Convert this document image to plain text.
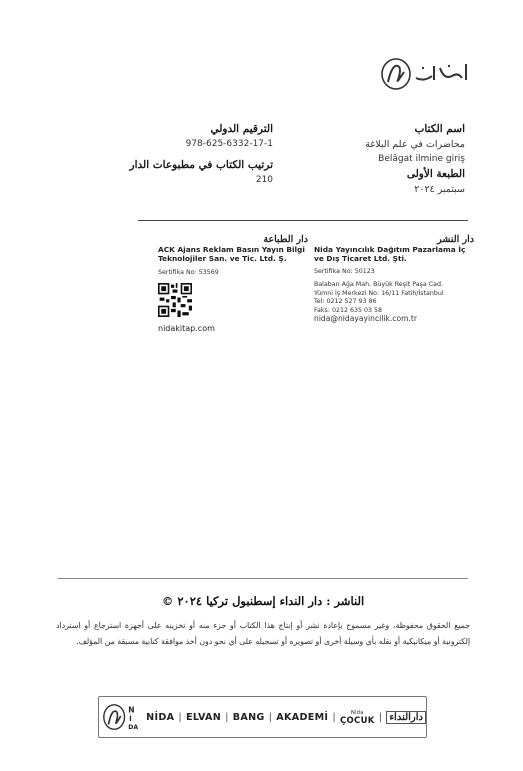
اسم الكتاب
محاضرات في علم البلاغة
Belâgat ilmine giriş
الطبعة الأولى
سبتمبر ٢٠٢٤
الترقيم الدولي
978-625-6332-17-1
ترتيب الكتاب في مطبوعات الدار
210
دار النشر
Nida Yayıncılık Dağıtım Pazarlama İç ve Dış Ticaret Ltd. Şti.
Sertifika No: 50123
Balaban Ağa Mah. Büyük Reşit Paşa Cad.
Yümni İş Merkezi No: 16/11 Fatih/İstanbul
Tel: 0212 527 93 86
Faks: 0212 635 03 58
nida@nidayayincilik.com.tr
دار الطباعة
ACK Ajans Reklam Basın Yayın Bilgi Teknolojiler San. ve Tic. Ltd. Ş.
Sertifika No: 53569
nidakitap.com
الناشر : دار النداء إسطنبول تركيا ٢٠٢٤ ©
جميع الحقوق محفوظة، وغير مسموح بإعادة نشر أو إنتاج هذا الكتاب أو جزء منه أو تخزينه على أجهزة استرجاع أو استرداد إلكترونية أو ميكانيكية أو نقله بأي وسيلة أخرى أو تصويره أو تسجيله على أي نحو دون أخذ موافقة كتابية مسبقة من المؤلف.
N
İ
DA
NİDA | ELVAN | BANG | AKADEMİ |	Nida
ÇOCUK | دارالنداء
